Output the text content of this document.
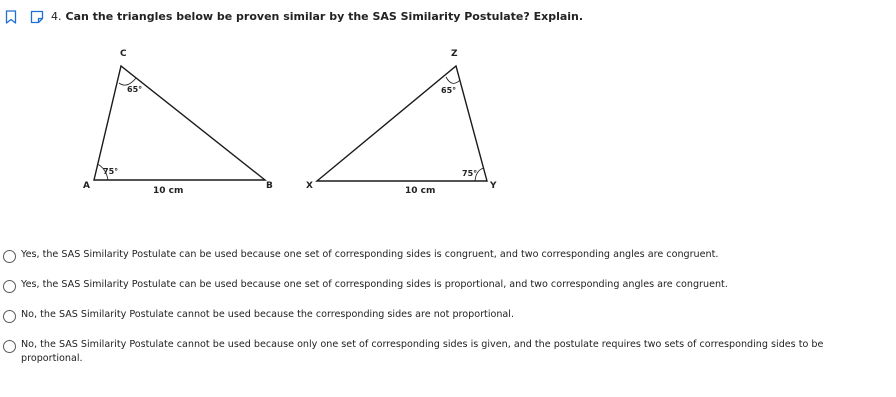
4. Can the triangles below be proven similar by the SAS Similarity Postulate? Explain.
C
A	B
65°
75°
10 cm
Z
X	Y
65°
75°
10 cm
Yes, the SAS Similarity Postulate can be used because one set of corresponding sides is congruent, and two corresponding angles are congruent.
Yes, the SAS Similarity Postulate can be used because one set of corresponding sides is proportional, and two corresponding angles are congruent.
No, the SAS Similarity Postulate cannot be used because the corresponding sides are not proportional.
No, the SAS Similarity Postulate cannot be used because only one set of corresponding sides is given, and the postulate requires two sets of corresponding sides to be proportional.
